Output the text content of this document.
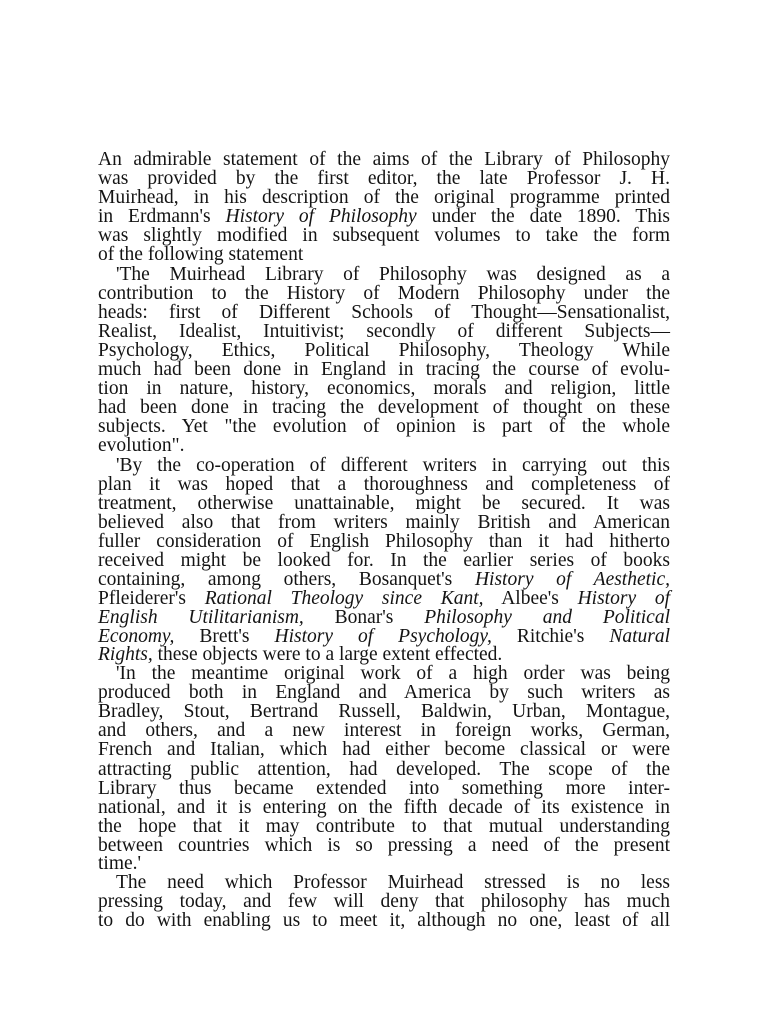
An admirable statement of the aims of the Library of Philosophy
was provided by the first editor, the late Professor J. H.
Muirhead, in his description of the original programme printed
in Erdmann's History of Philosophy under the date 1890. This
was slightly modified in subsequent volumes to take the form
of the following statement
'The Muirhead Library of Philosophy was designed as a
contribution to the History of Modern Philosophy under the
heads: first of Different Schools of Thought—Sensationalist,
Realist, Idealist, Intuitivist; secondly of different Subjects—
Psychology, Ethics, Political Philosophy, Theology While
much had been done in England in tracing the course of evolu-
tion in nature, history, economics, morals and religion, little
had been done in tracing the development of thought on these
subjects. Yet "the evolution of opinion is part of the whole
evolution".
'By the co-operation of different writers in carrying out this
plan it was hoped that a thoroughness and completeness of
treatment, otherwise unattainable, might be secured. It was
believed also that from writers mainly British and American
fuller consideration of English Philosophy than it had hitherto
received might be looked for. In the earlier series of books
containing, among others, Bosanquet's History of Aesthetic,
Pfleiderer's Rational Theology since Kant, Albee's History of
English Utilitarianism, Bonar's Philosophy and Political
Economy, Brett's History of Psychology, Ritchie's Natural
Rights, these objects were to a large extent effected.
'In the meantime original work of a high order was being
produced both in England and America by such writers as
Bradley, Stout, Bertrand Russell, Baldwin, Urban, Montague,
and others, and a new interest in foreign works, German,
French and Italian, which had either become classical or were
attracting public attention, had developed. The scope of the
Library thus became extended into something more inter-
national, and it is entering on the fifth decade of its existence in
the hope that it may contribute to that mutual understanding
between countries which is so pressing a need of the present
time.'
The need which Professor Muirhead stressed is no less
pressing today, and few will deny that philosophy has much
to do with enabling us to meet it, although no one, least of all
